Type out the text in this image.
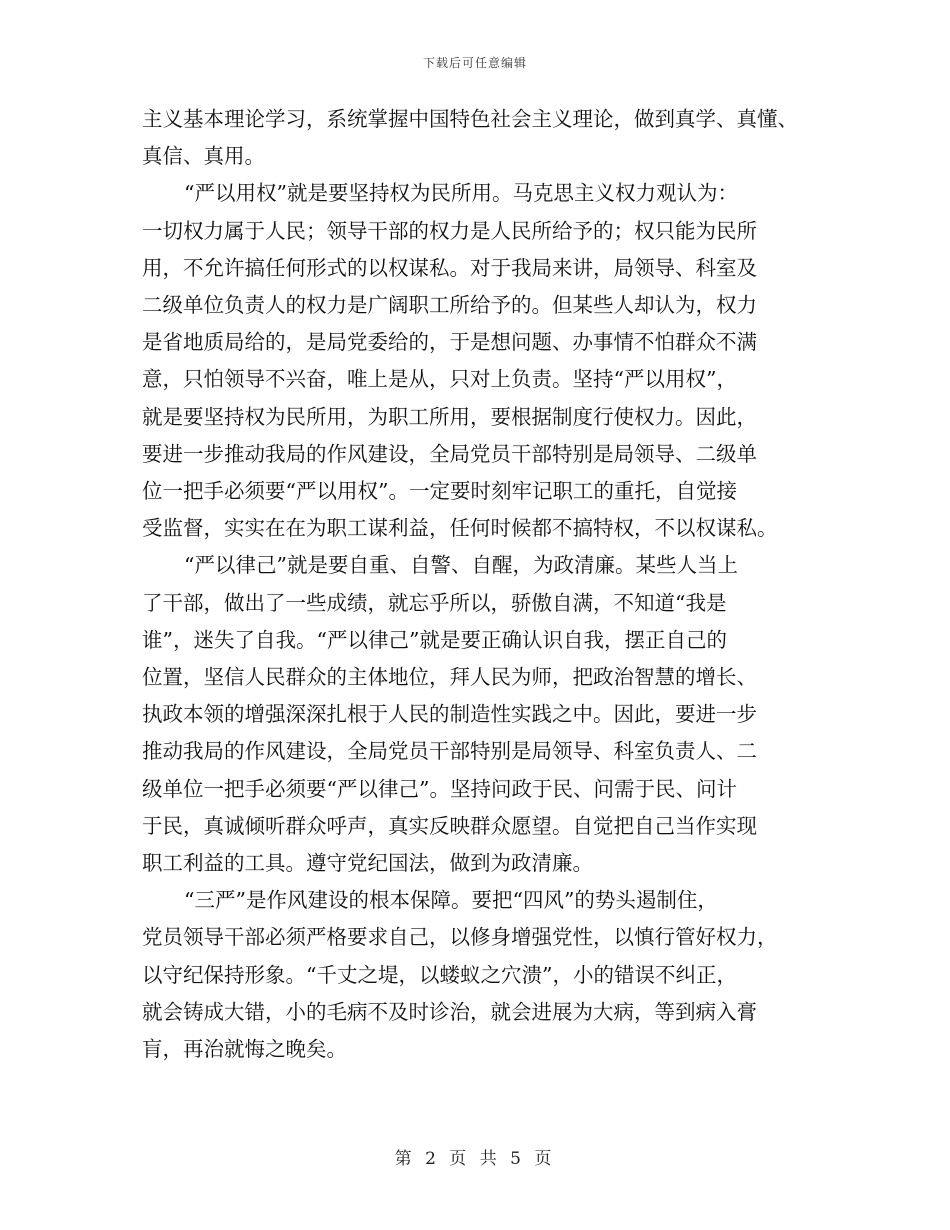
下载后可任意编辑
主义基本理论学习，系统掌握中国特色社会主义理论，做到真学、真懂、
真信、真用。
“严以用权”就是要坚持权为民所用。马克思主义权力观认为：
一切权力属于人民；领导干部的权力是人民所给予的；权只能为民所
用，不允许搞任何形式的以权谋私。对于我局来讲，局领导、科室及
二级单位负责人的权力是广阔职工所给予的。但某些人却认为，权力
是省地质局给的，是局党委给的，于是想问题、办事情不怕群众不满
意，只怕领导不兴奋，唯上是从，只对上负责。坚持“严以用权”，
就是要坚持权为民所用，为职工所用，要根据制度行使权力。因此，
要进一步推动我局的作风建设，全局党员干部特别是局领导、二级单
位一把手必须要“严以用权”。一定要时刻牢记职工的重托，自觉接
受监督，实实在在为职工谋利益，任何时候都不搞特权，不以权谋私。
“严以律己”就是要自重、自警、自醒，为政清廉。某些人当上
了干部，做出了一些成绩，就忘乎所以，骄傲自满，不知道“我是
谁”，迷失了自我。“严以律己”就是要正确认识自我，摆正自己的
位置，坚信人民群众的主体地位，拜人民为师，把政治智慧的增长、
执政本领的增强深深扎根于人民的制造性实践之中。因此，要进一步
推动我局的作风建设，全局党员干部特别是局领导、科室负责人、二
级单位一把手必须要“严以律己”。坚持问政于民、问需于民、问计
于民，真诚倾听群众呼声，真实反映群众愿望。自觉把自己当作实现
职工利益的工具。遵守党纪国法，做到为政清廉。
“三严”是作风建设的根本保障。要把“四风”的势头遏制住，
党员领导干部必须严格要求自己，以修身增强党性，以慎行管好权力，
以守纪保持形象。“千丈之堤，以蝼蚁之穴溃”，小的错误不纠正，
就会铸成大错，小的毛病不及时诊治，就会进展为大病，等到病入膏
肓，再治就悔之晚矣。
第 2 页 共 5 页
